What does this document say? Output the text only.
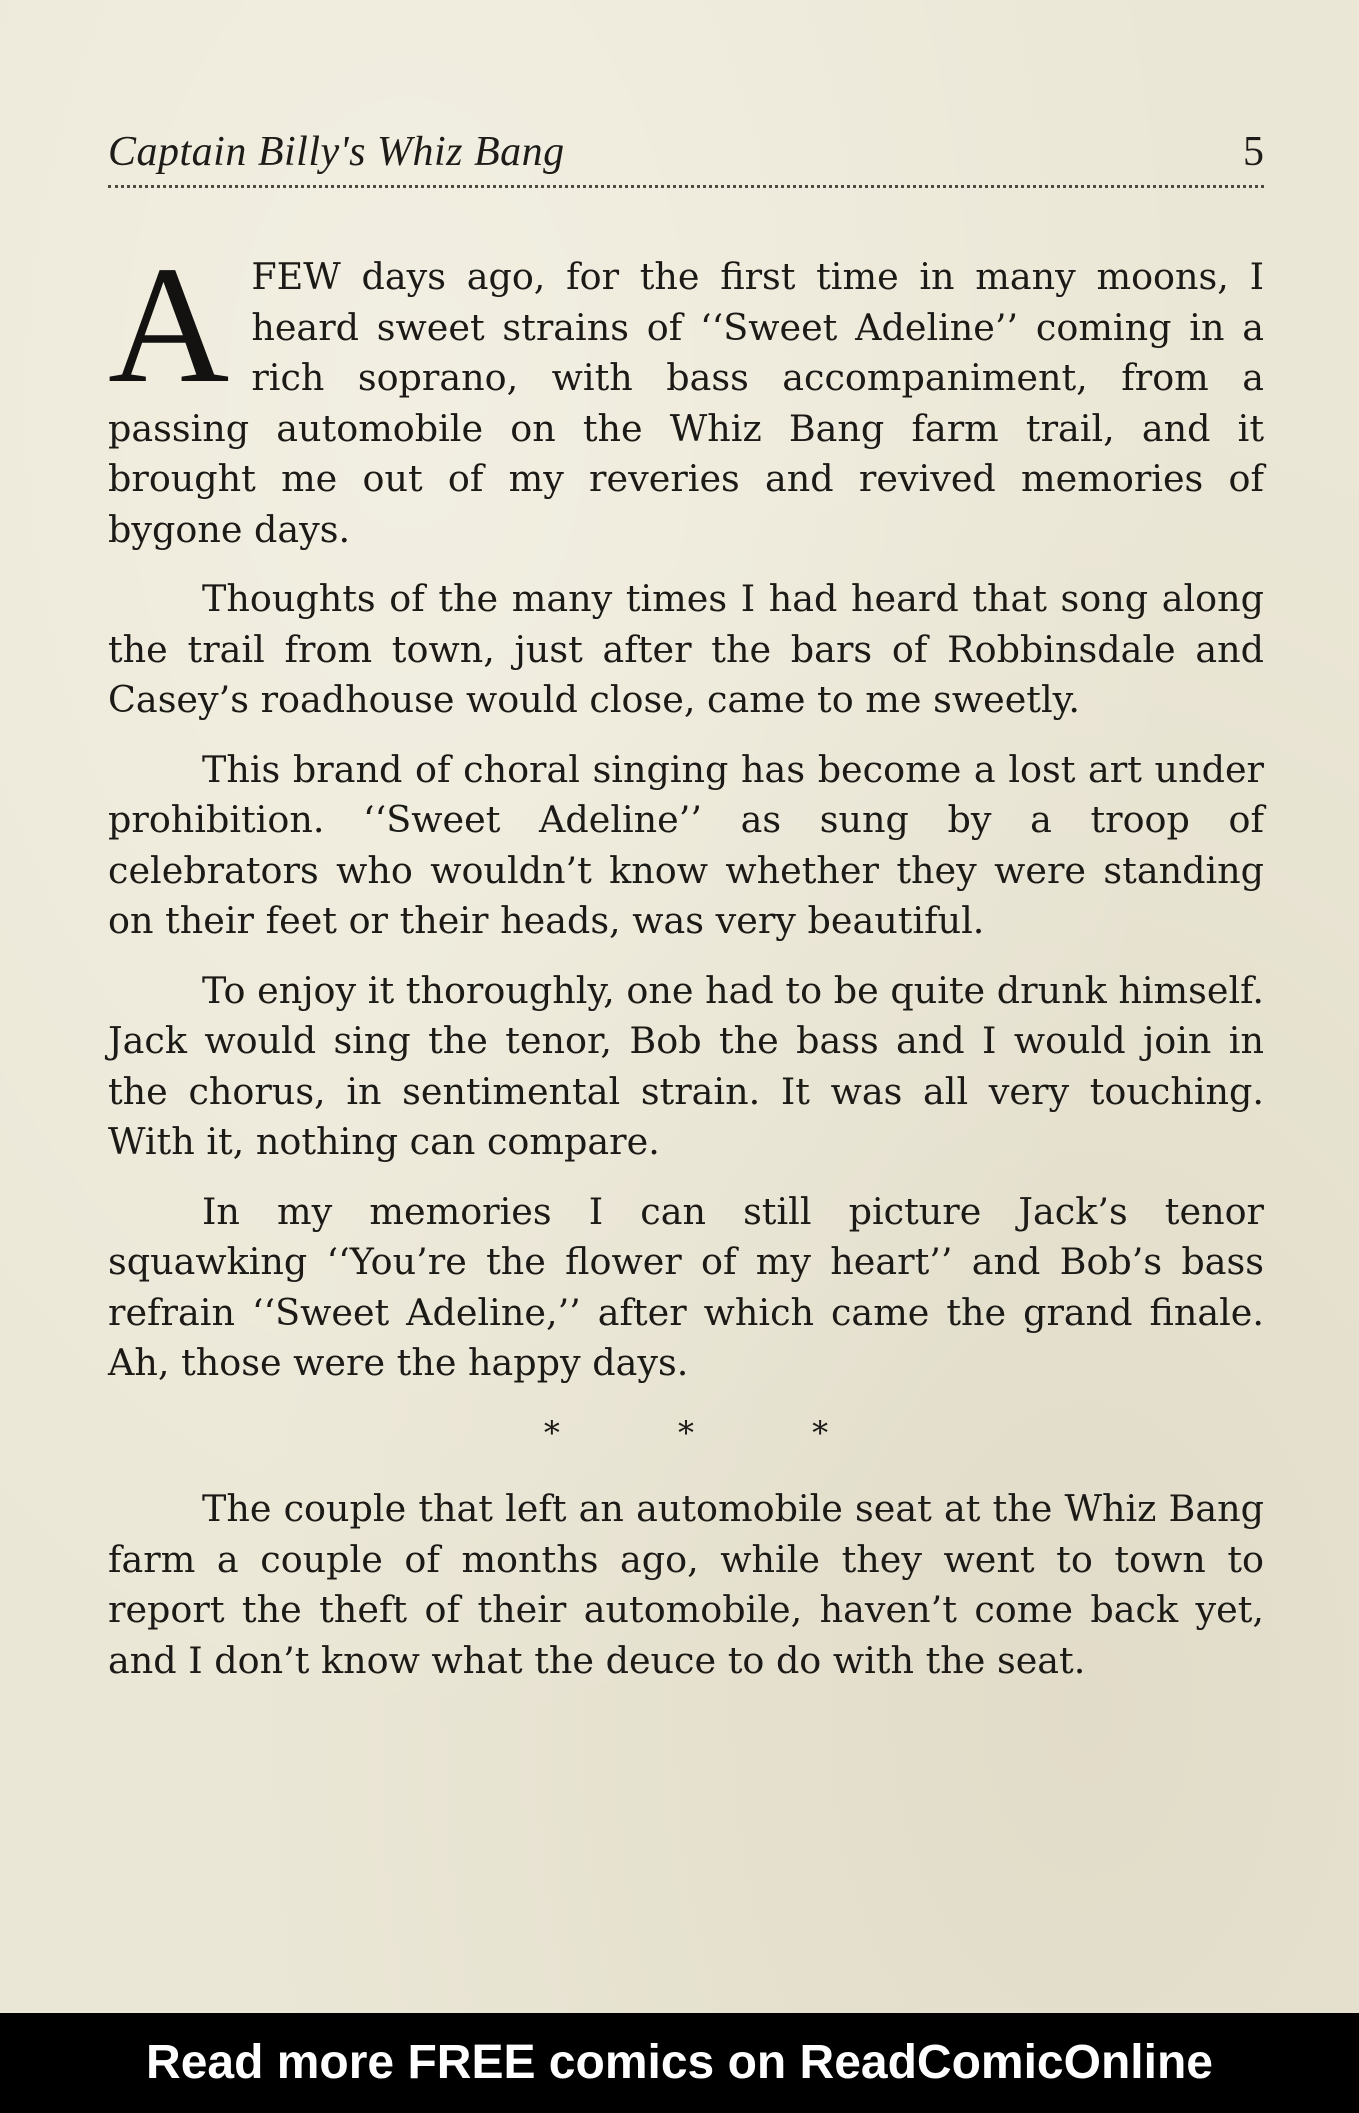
Captain Billy's Whiz Bang	5

AFEW days ago, for the first time in many moons, I heard sweet strains of ‘‘Sweet Adeline’’ coming in a rich soprano, with bass accompaniment, from a passing automobile on the Whiz Bang farm trail, and it brought me out of my reveries and revived memories of bygone days.

Thoughts of the many times I had heard that song along the trail from town, just after the bars of Robbinsdale and Casey’s roadhouse would close, came to me sweetly.

This brand of choral singing has become a lost art under prohibition. ‘‘Sweet Adeline’’ as sung by a troop of celebrators who wouldn’t know whether they were standing on their feet or their heads, was very beautiful.

To enjoy it thoroughly, one had to be quite drunk himself. Jack would sing the tenor, Bob the bass and I would join in the chorus, in sentimental strain. It was all very touching. With it, nothing can compare.

In my memories I can still picture Jack’s tenor squawking ‘‘You’re the flower of my heart’’ and Bob’s bass refrain ‘‘Sweet Adeline,’’ after which came the grand finale. Ah, those were the happy days.

* * *

The couple that left an automobile seat at the Whiz Bang farm a couple of months ago, while they went to town to report the theft of their automobile, haven’t come back yet, and I don’t know what the deuce to do with the seat.

Read more FREE comics on ReadComicOnline
